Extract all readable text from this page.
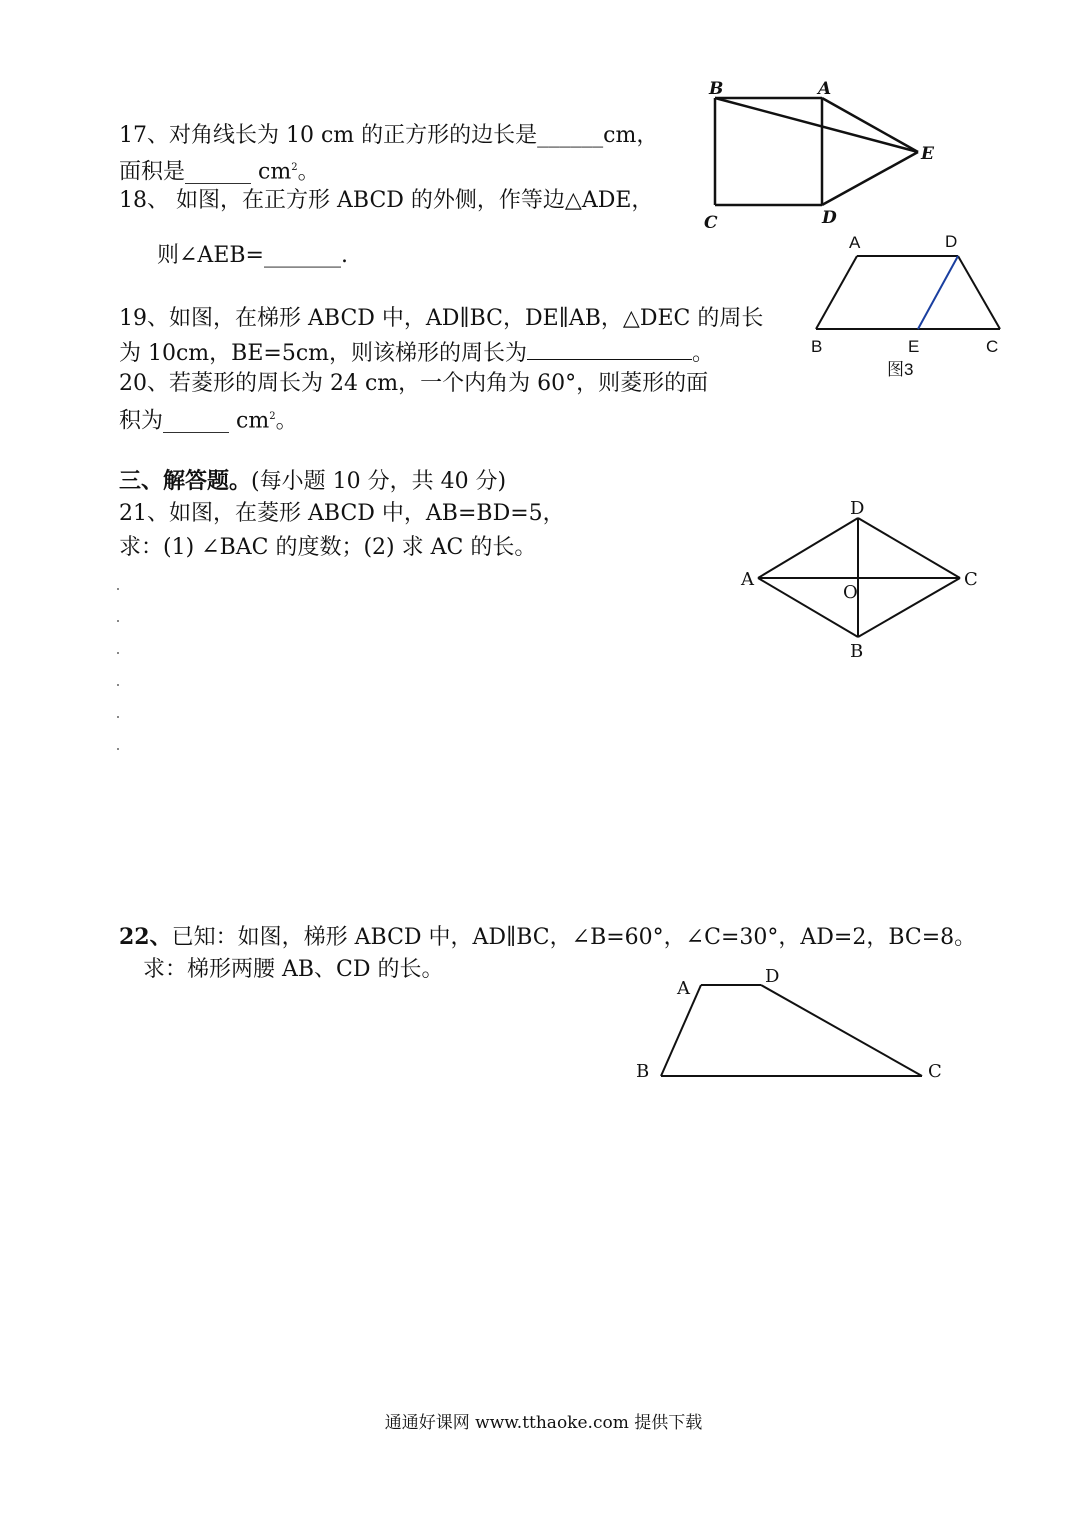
17、对角线长为 10 cm 的正方形的边长是______cm，
面积是______ $cm^2$。
18、 如图，在正方形 ABCD 的外侧，作等边△ADE，
则∠AEB=_______.
19、如图，在梯形 ABCD 中，AD∥BC，DE∥AB，△DEC 的周长
为 10cm，BE=5cm，则该梯形的周长为	。
20、若菱形的周长为 24 cm，一个内角为 60°，则菱形的面
积为______ $cm^2$。
三、解答题。(每小题 10 分，共 40 分)
21、如图，在菱形 ABCD 中，AB=BD=5，
求：(1) ∠BAC 的度数；(2) 求 AC 的长。
22、已知：如图，梯形 ABCD 中，AD∥BC，∠B=60°，∠C=30°，AD=2，BC=8。
求：梯形两腰 AB、CD 的长。
B	A
E
C	D
A	D
B	E	C
图3
D
A
O
C
B
A
D
B	C
通通好课网 www.tthaoke.com 提供下载
